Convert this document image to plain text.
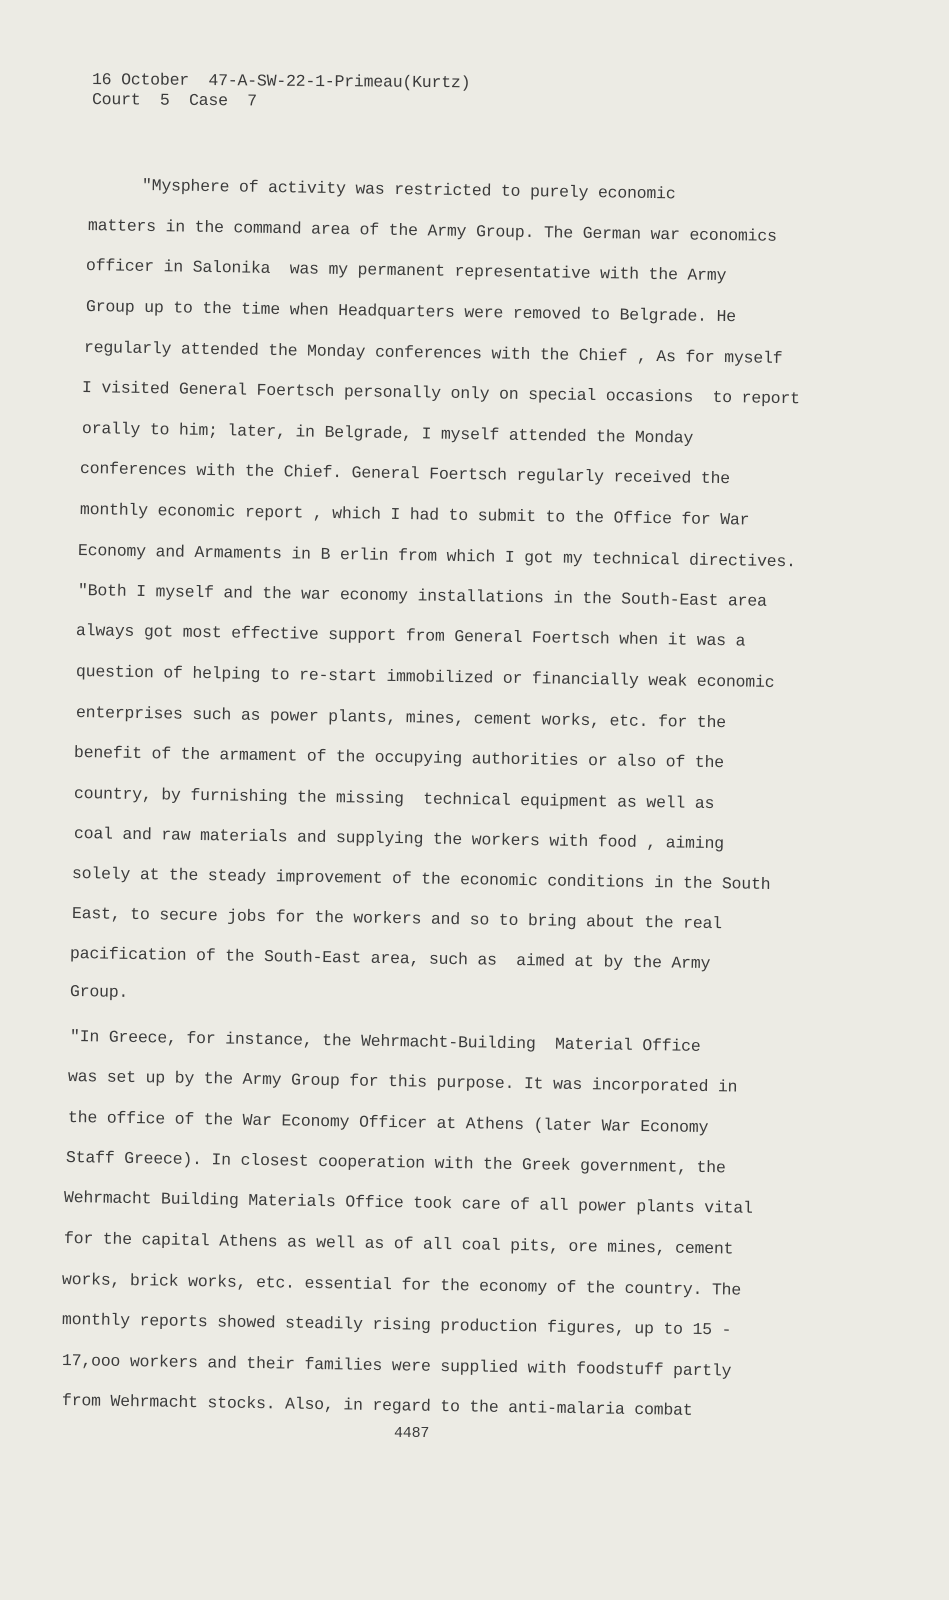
16 October  47-A-SW-22-1-Primeau(Kurtz)
Court  5  Case  7
"Mysphere of activity was restricted to purely economic
matters in the command area of the Army Group. The German war economics
officer in Salonika  was my permanent representative with the Army
Group up to the time when Headquarters were removed to Belgrade. He
regularly attended the Monday conferences with the Chief , As for myself
I visited General Foertsch personally only on special occasions  to report
orally to him; later, in Belgrade, I myself attended the Monday
conferences with the Chief. General Foertsch regularly received the
monthly economic report , which I had to submit to the Office for War
Economy and Armaments in B erlin from which I got my technical directives.
"Both I myself and the war economy installations in the South-East area
always got most effective support from General Foertsch when it was a
question of helping to re-start immobilized or financially weak economic
enterprises such as power plants, mines, cement works, etc. for the
benefit of the armament of the occupying authorities or also of the
country, by furnishing the missing  technical equipment as well as
coal and raw materials and supplying the workers with food , aiming
solely at the steady improvement of the economic conditions in the South
East, to secure jobs for the workers and so to bring about the real
pacification of the South-East area, such as  aimed at by the Army
Group.
"In Greece, for instance, the Wehrmacht-Building  Material Office
was set up by the Army Group for this purpose. It was incorporated in
the office of the War Economy Officer at Athens (later War Economy
Staff Greece). In closest cooperation with the Greek government, the
Wehrmacht Building Materials Office took care of all power plants vital
for the capital Athens as well as of all coal pits, ore mines, cement
works, brick works, etc. essential for the economy of the country. The
monthly reports showed steadily rising production figures, up to 15 -
17,ooo workers and their families were supplied with foodstuff partly
from Wehrmacht stocks. Also, in regard to the anti-malaria combat
4487
